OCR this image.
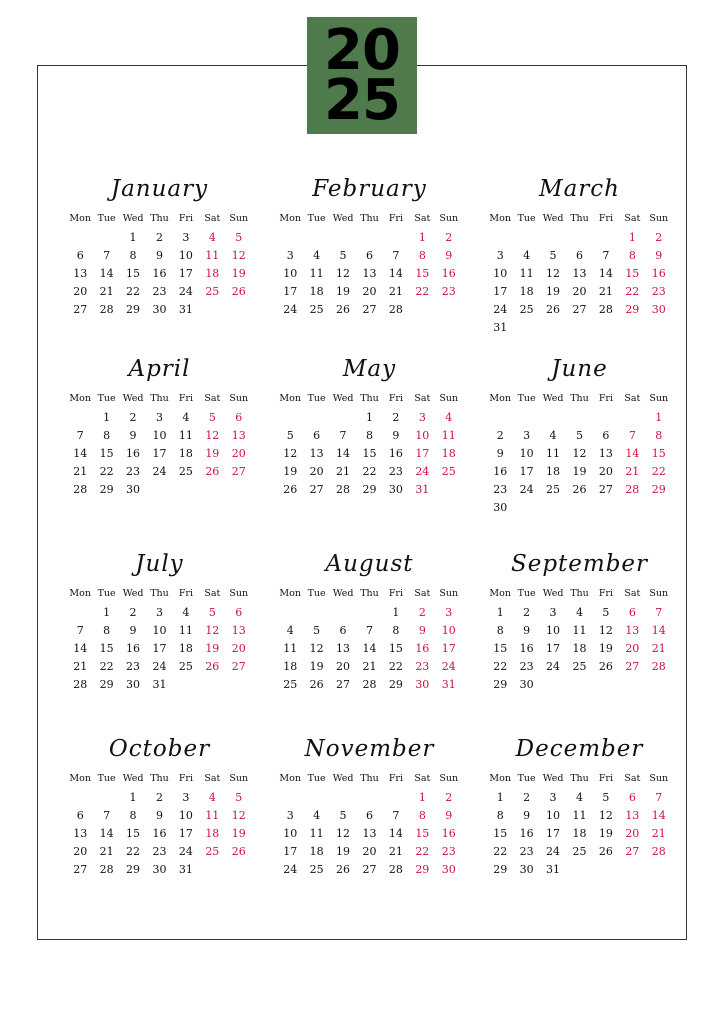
20
25
January
Mon	Tue	Wed	Thu	Fri	Sat	Sun
		1	2	3	4	5
6	7	8	9	10	11	12
13	14	15	16	17	18	19
20	21	22	23	24	25	26
27	28	29	30	31		
February
Mon	Tue	Wed	Thu	Fri	Sat	Sun
					1	2
3	4	5	6	7	8	9
10	11	12	13	14	15	16
17	18	19	20	21	22	23
24	25	26	27	28		
March
Mon	Tue	Wed	Thu	Fri	Sat	Sun
					1	2
3	4	5	6	7	8	9
10	11	12	13	14	15	16
17	18	19	20	21	22	23
24	25	26	27	28	29	30
31						
April
Mon	Tue	Wed	Thu	Fri	Sat	Sun
	1	2	3	4	5	6
7	8	9	10	11	12	13
14	15	16	17	18	19	20
21	22	23	24	25	26	27
28	29	30				
May
Mon	Tue	Wed	Thu	Fri	Sat	Sun
			1	2	3	4
5	6	7	8	9	10	11
12	13	14	15	16	17	18
19	20	21	22	23	24	25
26	27	28	29	30	31	
June
Mon	Tue	Wed	Thu	Fri	Sat	Sun
						1
2	3	4	5	6	7	8
9	10	11	12	13	14	15
16	17	18	19	20	21	22
23	24	25	26	27	28	29
30						
July
Mon	Tue	Wed	Thu	Fri	Sat	Sun
	1	2	3	4	5	6
7	8	9	10	11	12	13
14	15	16	17	18	19	20
21	22	23	24	25	26	27
28	29	30	31			
August
Mon	Tue	Wed	Thu	Fri	Sat	Sun
				1	2	3
4	5	6	7	8	9	10
11	12	13	14	15	16	17
18	19	20	21	22	23	24
25	26	27	28	29	30	31
September
Mon	Tue	Wed	Thu	Fri	Sat	Sun
1	2	3	4	5	6	7
8	9	10	11	12	13	14
15	16	17	18	19	20	21
22	23	24	25	26	27	28
29	30					
October
Mon	Tue	Wed	Thu	Fri	Sat	Sun
		1	2	3	4	5
6	7	8	9	10	11	12
13	14	15	16	17	18	19
20	21	22	23	24	25	26
27	28	29	30	31		
November
Mon	Tue	Wed	Thu	Fri	Sat	Sun
					1	2
3	4	5	6	7	8	9
10	11	12	13	14	15	16
17	18	19	20	21	22	23
24	25	26	27	28	29	30
December
Mon	Tue	Wed	Thu	Fri	Sat	Sun
1	2	3	4	5	6	7
8	9	10	11	12	13	14
15	16	17	18	19	20	21
22	23	24	25	26	27	28
29	30	31				
